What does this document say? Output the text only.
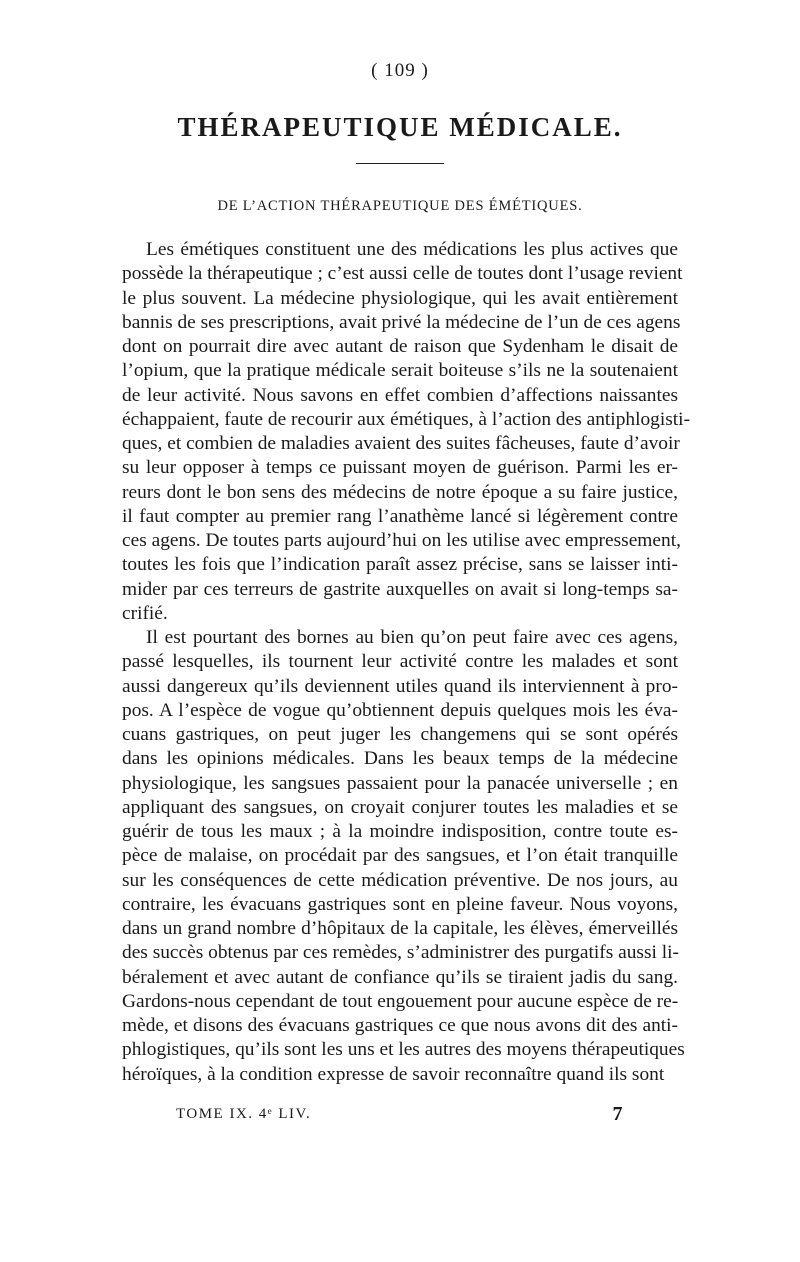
( 109 )
THÉRAPEUTIQUE MÉDICALE.
DE L’ACTION THÉRAPEUTIQUE DES ÉMÉTIQUES.
Les émétiques constituent une des médications les plus actives que
possède la thérapeutique ; c’est aussi celle de toutes dont l’usage revient
le plus souvent. La médecine physiologique, qui les avait entièrement
bannis de ses prescriptions, avait privé la médecine de l’un de ces agens
dont on pourrait dire avec autant de raison que Sydenham le disait de
l’opium, que la pratique médicale serait boiteuse s’ils ne la soutenaient
de leur activité. Nous savons en effet combien d’affections naissantes
échappaient, faute de recourir aux émétiques, à l’action des antiphlogisti-
ques, et combien de maladies avaient des suites fâcheuses, faute d’avoir
su leur opposer à temps ce puissant moyen de guérison. Parmi les er-
reurs dont le bon sens des médecins de notre époque a su faire justice,
il faut compter au premier rang l’anathème lancé si légèrement contre
ces agens. De toutes parts aujourd’hui on les utilise avec empressement,
toutes les fois que l’indication paraît assez précise, sans se laisser inti-
mider par ces terreurs de gastrite auxquelles on avait si long-temps sa-
crifié.
Il est pourtant des bornes au bien qu’on peut faire avec ces agens,
passé lesquelles, ils tournent leur activité contre les malades et sont
aussi dangereux qu’ils deviennent utiles quand ils interviennent à pro-
pos. A l’espèce de vogue qu’obtiennent depuis quelques mois les éva-
cuans gastriques, on peut juger les changemens qui se sont opérés
dans les opinions médicales. Dans les beaux temps de la médecine
physiologique, les sangsues passaient pour la panacée universelle ; en
appliquant des sangsues, on croyait conjurer toutes les maladies et se
guérir de tous les maux ; à la moindre indisposition, contre toute es-
pèce de malaise, on procédait par des sangsues, et l’on était tranquille
sur les conséquences de cette médication préventive. De nos jours, au
contraire, les évacuans gastriques sont en pleine faveur. Nous voyons,
dans un grand nombre d’hôpitaux de la capitale, les élèves, émerveillés
des succès obtenus par ces remèdes, s’administrer des purgatifs aussi li-
béralement et avec autant de confiance qu’ils se tiraient jadis du sang.
Gardons-nous cependant de tout engouement pour aucune espèce de re-
mède, et disons des évacuans gastriques ce que nous avons dit des anti-
phlogistiques, qu’ils sont les uns et les autres des moyens thérapeutiques
héroïques, à la condition expresse de savoir reconnaître quand ils sont
TOME IX. 4ᵉ LIV.	7
